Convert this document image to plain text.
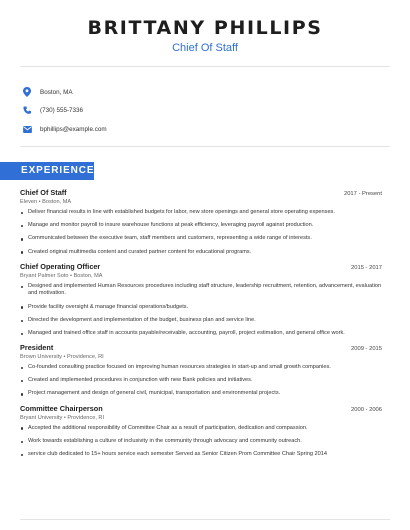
BRITTANY PHILLIPS
Chief Of Staff
Boston, MA
(730) 555-7336
bphillips@example.com
EXPERIENCE
Chief Of Staff	2017 - Present
Eleven • Boston, MA
Deliver financial results in line with established budgets for labor, new store openings and general store operating expenses.
Manage and monitor payroll to insure warehouse functions at peak efficiency, leveraging payroll against production.
Communicated between the executive team, staff members and customers, representing a wide range of interests.
Created original multimedia content and curated partner content for educational programs.
Chief Operating Officer	2015 - 2017
Bryant Palmer Soto • Boston, MA
Designed and implemented Human Resources procedures including staff structure, leadership recruitment, retention, advancement, evaluation and motivation.
Provide facility oversight & manage financial operations/budgets.
Directed the development and implementation of the budget, business plan and service line.
Managed and trained office staff in accounts payable/receivable, accounting, payroll, project estimation, and general office work.
President	2009 - 2015
Brown University • Providence, RI
Co-founded consulting practice focused on improving human resources strategies in start-up and small growth companies.
Created and implemented procedures in conjunction with new Bank policies and initiatives.
Project management and design of general civil, municipal, transportation and environmental projects.
Committee Chairperson	2000 - 2006
Bryant University • Providence, RI
Accepted the additional responsibility of Committee Chair as a result of participation, dedication and compassion.
Work towards establishing a culture of inclusivity in the community through advocacy and community outreach.
service club dedicated to 15+ hours service each semester Served as Senior Citizen Prom Committee Chair Spring 2014
